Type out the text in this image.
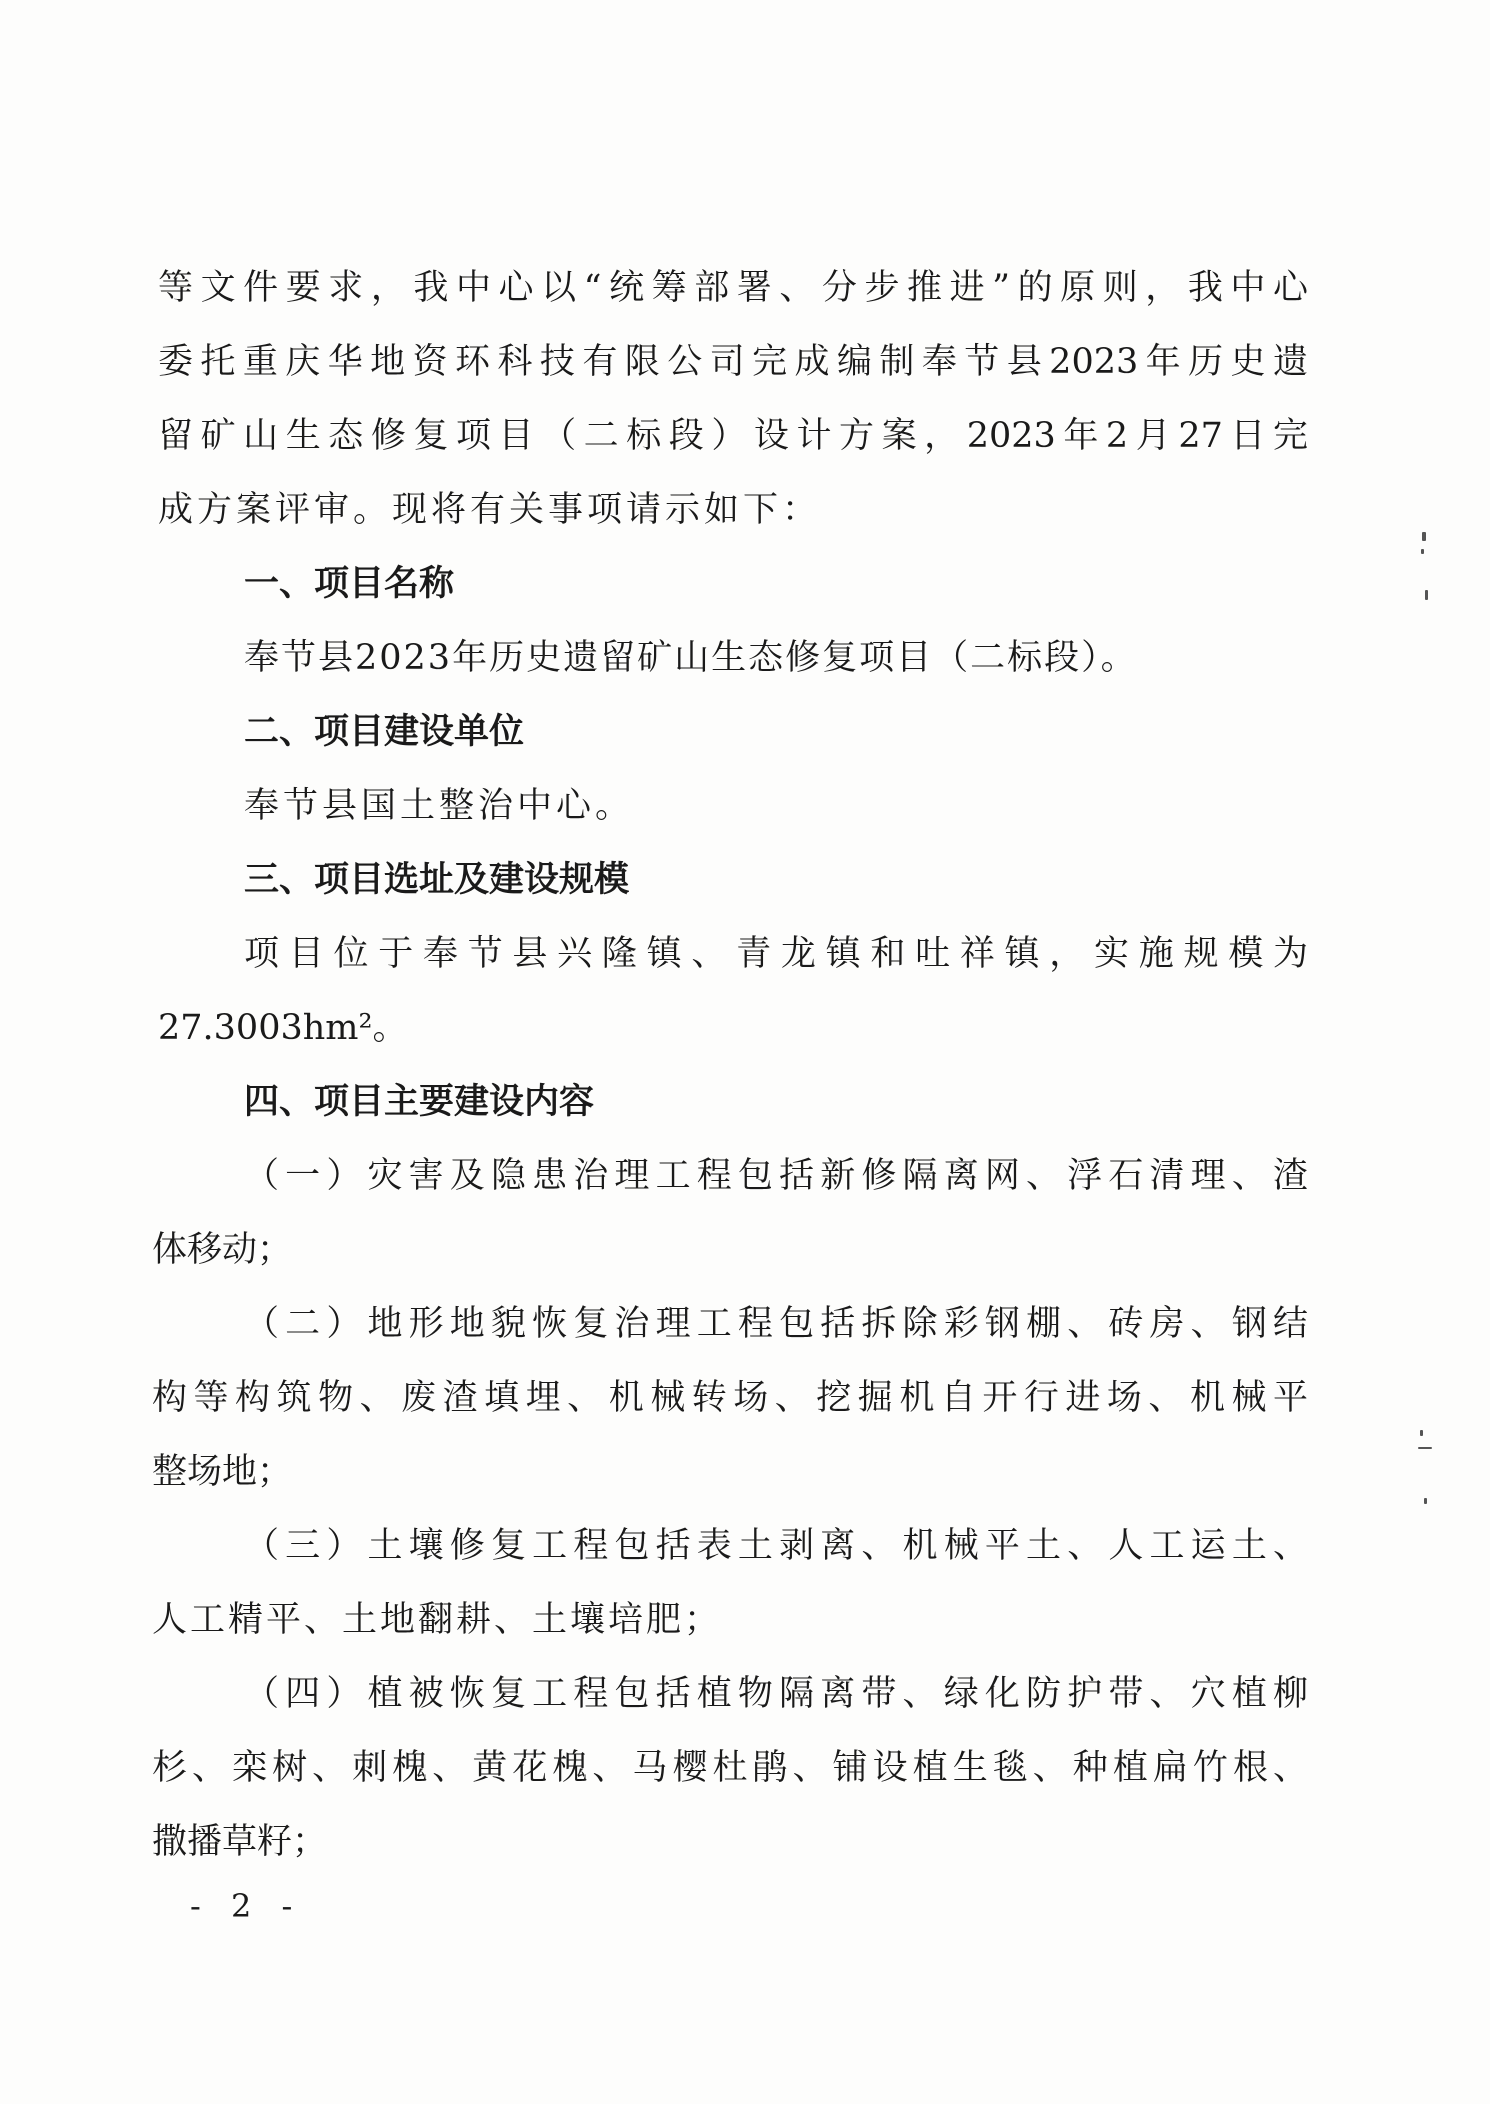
等文件要求，我中心以“统筹部署、分步推进”的原则，我中心
委托重庆华地资环科技有限公司完成编制奉节县2023年历史遗
留矿山生态修复项目（二标段）设计方案，2023年2月27日完
成方案评审。现将有关事项请示如下：
一、项目名称
奉节县2023年历史遗留矿山生态修复项目（二标段）。
二、项目建设单位
奉节县国土整治中心。
三、项目选址及建设规模
项目位于奉节县兴隆镇、青龙镇和吐祥镇，实施规模为
27.3003hm²。
四、项目主要建设内容
（一）灾害及隐患治理工程包括新修隔离网、浮石清理、渣
体移动；
（二）地形地貌恢复治理工程包括拆除彩钢棚、砖房、钢结
构等构筑物、废渣填埋、机械转场、挖掘机自开行进场、机械平
整场地；
（三）土壤修复工程包括表土剥离、机械平土、人工运土、
人工精平、土地翻耕、土壤培肥；
（四）植被恢复工程包括植物隔离带、绿化防护带、穴植柳
杉、栾树、刺槐、黄花槐、马樱杜鹃、铺设植生毯、种植扁竹根、
撒播草籽；
- 2 -
